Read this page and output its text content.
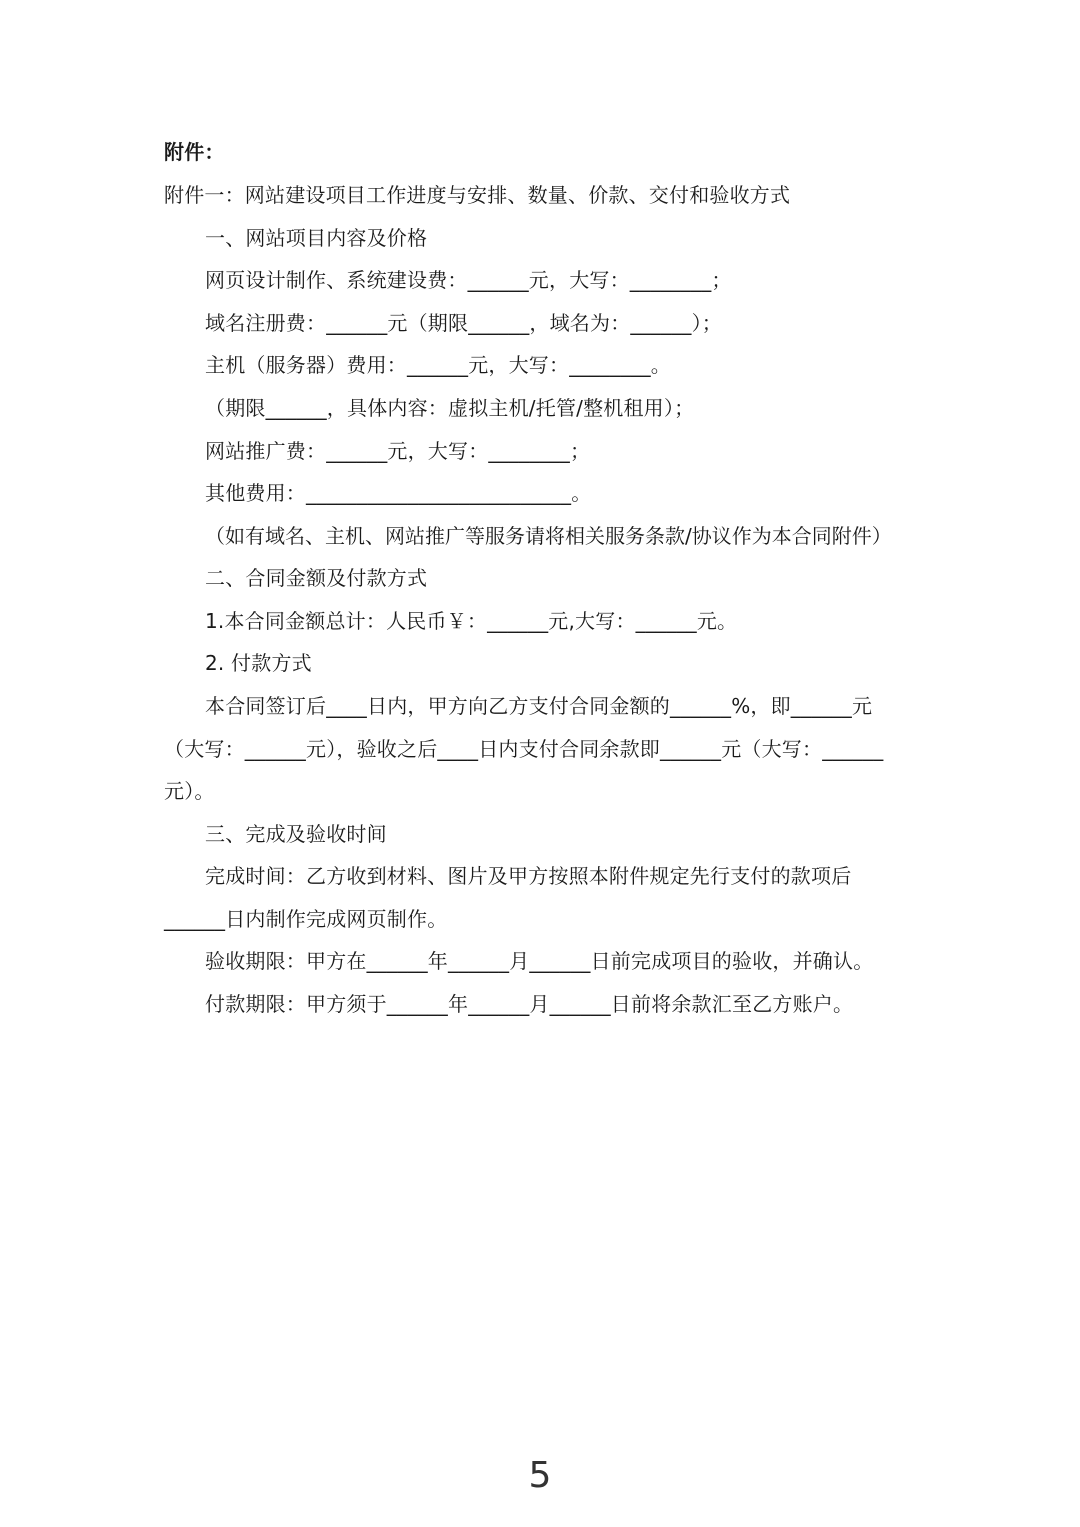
附件：
附件一：网站建设项目工作进度与安排、数量、价款、交付和验收方式
一、网站项目内容及价格
网页设计制作、系统建设费：______元，大写：________；
域名注册费：______元（期限______，域名为：______）；
主机（服务器）费用：______元，大写：________。
（期限______，具体内容：虚拟主机/托管/整机租用）；
网站推广费：______元，大写：________；
其他费用：__________________________。
（如有域名、主机、网站推广等服务请将相关服务条款/协议作为本合同附件）
二、合同金额及付款方式
1.本合同金额总计：人民币￥：______元,大写：______元。
2. 付款方式
本合同签订后____日内，甲方向乙方支付合同金额的______%，即______元
（大写：______元），验收之后____日内支付合同余款即______元（大写：______
元）。
三、完成及验收时间
完成时间：乙方收到材料、图片及甲方按照本附件规定先行支付的款项后
______日内制作完成网页制作。
验收期限：甲方在______年______月______日前完成项目的验收，并确认。
付款期限：甲方须于______年______月______日前将余款汇至乙方账户。
5
